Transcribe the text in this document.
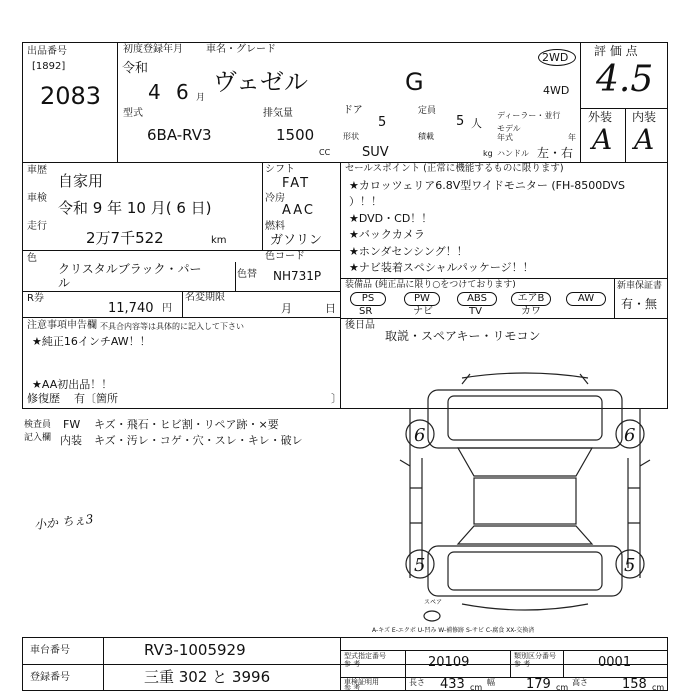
出品番号
[1892]
2083
初度登録年月 車名・グレード
令和
4 6 月
ヴェゼル	G
2WD
4WD
型式
6BA-RV3
排気量
1500
CC
ドア
5
形状
SUV
定員
5 人
積載
kg
ディーラー・並行
モデル
年式	年
ハンドル 左・右
評 価 点
4.5
外装 内装
A A
車歴
自家用
車検
令和 9 年 10 月( 6 日)
走行
2万7千522	km
シフト
FAT
冷房
AAC
燃料
ガソリン
色
クリスタルブラック・パー
ル
色替
色コード
NH731P
R券
11,740 円
名変期限
月	日
注意事項申告欄 不具合内容等は具体的に記入して下さい
★純正16インチAW！！
★AA初出品！！
修復歴 有〔箇所	〕
セールスポイント (正常に機能するものに限ります)
★カロッツェリア6.8V型ワイドモニター (FH-8500DVS
）！！
★DVD・CD！！
★バックカメラ
★ホンダセンシング！！
★ナビ装着スペシャルパッケージ！！
装備品 (純正品に限り○をつけております)
PS	PW	ABS	エアB	AW
SR	ナビ	TV	カワ
新車保証書
有・無
後日品
取説・スペアキー・リモコン
検査員
記入欄
FW キズ・飛石・ヒビ割・リペア跡・×要
内装 キズ・汚レ・コゲ・穴・スレ・キレ・破レ
小か ちぇ3
6	6
5	5
スペア
A-キズ E-エクボ U-凹み W-補修跡 S-サビ C-腐食 XX-交換済
車台番号	RV3-1005929
登録番号	三重 302 と 3996
型式指定番号
参 考	20109	類別区分番号
参 考	0001
車検証明用
参 考
長さ 433 cm
幅 179 cm
高さ	158 cm
